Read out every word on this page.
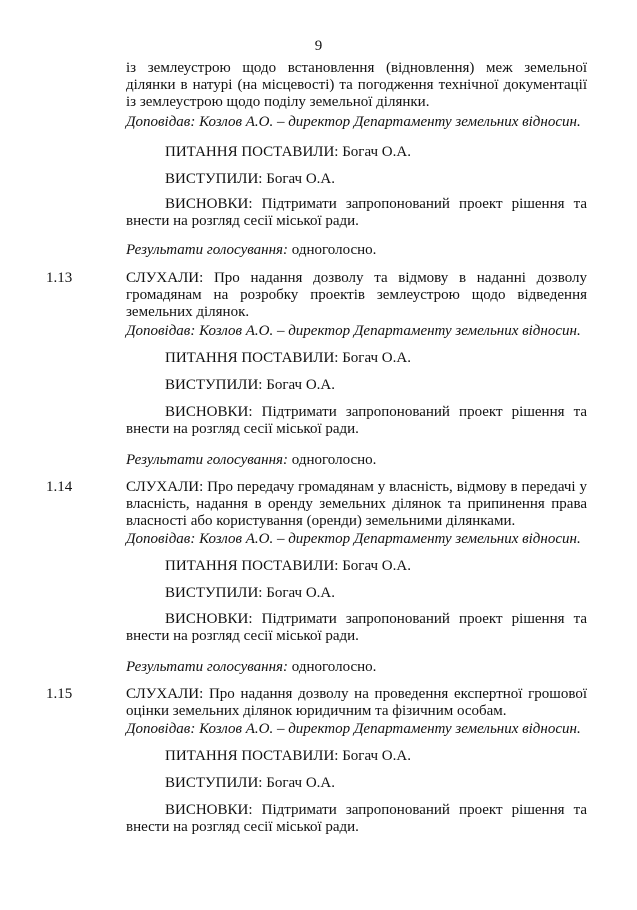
9
із землеустрою щодо встановлення (відновлення) меж земельної ділянки в натурі (на місцевості) та погодження технічної документації із землеустрою щодо поділу земельної ділянки.
Доповідав: Козлов А.О. – директор Департаменту земельних відносин.
ПИТАННЯ ПОСТАВИЛИ: Богач О.А.
ВИСТУПИЛИ: Богач О.А.
ВИСНОВКИ: Підтримати запропонований проект рішення та внести на розгляд сесії міської ради.
Результати голосування: одноголосно.
1.13	СЛУХАЛИ: Про надання дозволу та відмову в наданні дозволу громадянам на розробку проектів землеустрою щодо відведення земельних ділянок.
Доповідав: Козлов А.О. – директор Департаменту земельних відносин.
ПИТАННЯ ПОСТАВИЛИ: Богач О.А.
ВИСТУПИЛИ: Богач О.А.
ВИСНОВКИ: Підтримати запропонований проект рішення та внести на розгляд сесії міської ради.
Результати голосування: одноголосно.
1.14	СЛУХАЛИ: Про передачу громадянам у власність, відмову в передачі у власність, надання в оренду земельних ділянок та припинення права власності або користування (оренди) земельними ділянками.
Доповідав: Козлов А.О. – директор Департаменту земельних відносин.
ПИТАННЯ ПОСТАВИЛИ: Богач О.А.
ВИСТУПИЛИ: Богач О.А.
ВИСНОВКИ: Підтримати запропонований проект рішення та внести на розгляд сесії міської ради.
Результати голосування: одноголосно.
1.15	СЛУХАЛИ: Про надання дозволу на проведення експертної грошової оцінки земельних ділянок юридичним та фізичним особам.
Доповідав: Козлов А.О. – директор Департаменту земельних відносин.
ПИТАННЯ ПОСТАВИЛИ: Богач О.А.
ВИСТУПИЛИ: Богач О.А.
ВИСНОВКИ: Підтримати запропонований проект рішення та внести на розгляд сесії міської ради.
